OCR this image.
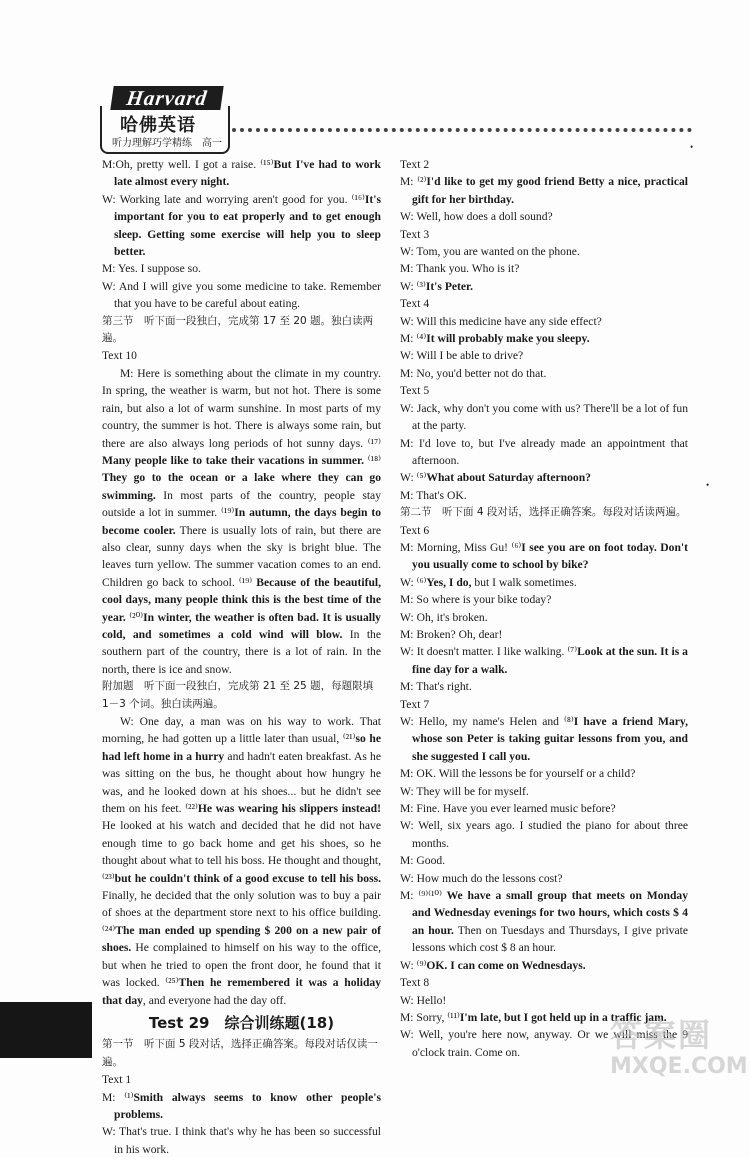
Harvard
哈佛英语
听力理解巧学精练　高一	•

M:Oh, pretty well. I got a raise. ⁽¹⁵⁾But I've had to work late almost every night.

W: Working late and worrying aren't good for you. ⁽¹⁶⁾It's important for you to eat properly and to get enough sleep. Getting some exercise will help you to sleep better.

M: Yes. I suppose so.

W: And I will give you some medicine to take. Remember that you have to be careful about eating.

第三节　听下面一段独白，完成第 17 至 20 题。独白读两遍。

Text 10

M: Here is something about the climate in my country. In spring, the weather is warm, but not hot. There is some rain, but also a lot of warm sunshine. In most parts of my country, the summer is hot. There is always some rain, but there are also always long periods of hot sunny days. ⁽¹⁷⁾Many people like to take their vacations in summer. ⁽¹⁸⁾They go to the ocean or a lake where they can go swimming. In most parts of the country, people stay outside a lot in summer. ⁽¹⁹⁾In autumn, the days begin to become cooler. There is usually lots of rain, but there are also clear, sunny days when the sky is bright blue. The leaves turn yellow. The summer vacation comes to an end. Children go back to school. ⁽¹⁹⁾ Because of the beautiful, cool days, many people think this is the best time of the year. ⁽²⁰⁾In winter, the weather is often bad. It is usually cold, and sometimes a cold wind will blow. In the southern part of the country, there is a lot of rain. In the north, there is ice and snow.

附加题　听下面一段独白，完成第 21 至 25 题，每题限填 1－3 个词。独白读两遍。

W: One day, a man was on his way to work. That morning, he had gotten up a little later than usual, ⁽²¹⁾so he had left home in a hurry and hadn't eaten breakfast. As he was sitting on the bus, he thought about how hungry he was, and he looked down at his shoes... but he didn't see them on his feet. ⁽²²⁾He was wearing his slippers instead! He looked at his watch and decided that he did not have enough time to go back home and get his shoes, so he thought about what to tell his boss. He thought and thought, ⁽²³⁾but he couldn't think of a good excuse to tell his boss. Finally, he decided that the only solution was to buy a pair of shoes at the department store next to his office building. ⁽²⁴⁾The man ended up spending $ 200 on a new pair of shoes. He complained to himself on his way to the office, but when he tried to open the front door, he found that it was locked. ⁽²⁵⁾Then he remembered it was a holiday that day, and everyone had the day off.

Test 29　综合训练题(18)

第一节　听下面 5 段对话，选择正确答案。每段对话仅读一遍。

Text 1

M: ⁽¹⁾Smith always seems to know other people's problems.

W: That's true. I think that's why he has been so successful in his work.

Text 2

M: ⁽²⁾I'd like to get my good friend Betty a nice, practical gift for her birthday.

W: Well, how does a doll sound?

Text 3

W: Tom, you are wanted on the phone.

M: Thank you. Who is it?

W: ⁽³⁾It's Peter.

Text 4

W: Will this medicine have any side effect?

M: ⁽⁴⁾It will probably make you sleepy.

W: Will I be able to drive?

M: No, you'd better not do that.

Text 5

W: Jack, why don't you come with us? There'll be a lot of fun at the party.

M: I'd love to, but I've already made an appointment that afternoon.

W: ⁽⁵⁾What about Saturday afternoon?

M: That's OK.

第二节　听下面 4 段对话，选择正确答案。每段对话读两遍。

Text 6

M: Morning, Miss Gu! ⁽⁶⁾I see you are on foot today. Don't you usually come to school by bike?

W: ⁽⁶⁾Yes, I do, but I walk sometimes.

M: So where is your bike today?

W: Oh, it's broken.

M: Broken? Oh, dear!

W: It doesn't matter. I like walking. ⁽⁷⁾Look at the sun. It is a fine day for a walk.

M: That's right.

Text 7

W: Hello, my name's Helen and ⁽⁸⁾I have a friend Mary, whose son Peter is taking guitar lessons from you, and she suggested I call you.

M: OK. Will the lessons be for yourself or a child?

W: They will be for myself.

M: Fine. Have you ever learned music before?

W: Well, six years ago. I studied the piano for about three months.

M: Good.

W: How much do the lessons cost?

M: ⁽⁹⁾⁽¹⁰⁾ We have a small group that meets on Monday and Wednesday evenings for two hours, which costs $ 4 an hour. Then on Tuesdays and Thursdays, I give private lessons which cost $ 8 an hour.

W: ⁽⁹⁾OK. I can come on Wednesdays.

Text 8

W: Hello!

M: Sorry, ⁽¹¹⁾I'm late, but I got held up in a traffic jam.

W: Well, you're here now, anyway. Or we will miss the 9 o'clock train. Come on.

•
答案圈
MXQE.COM
